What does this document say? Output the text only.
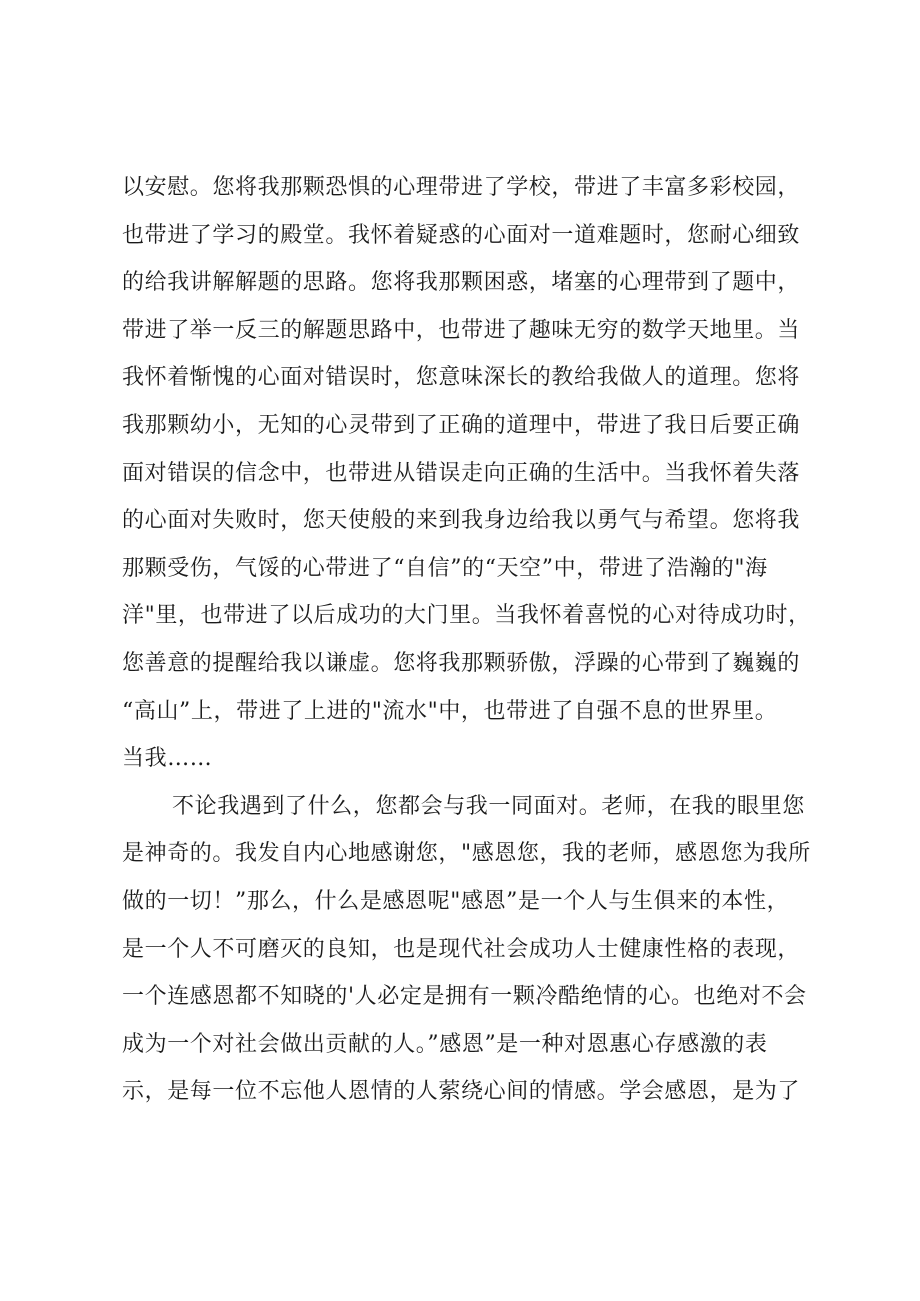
以安慰。您将我那颗恐惧的心理带进了学校，带进了丰富多彩校园，
也带进了学习的殿堂。我怀着疑惑的心面对一道难题时，您耐心细致
的给我讲解解题的思路。您将我那颗困惑，堵塞的心理带到了题中，
带进了举一反三的解题思路中，也带进了趣味无穷的数学天地里。当
我怀着惭愧的心面对错误时，您意味深长的教给我做人的道理。您将
我那颗幼小，无知的心灵带到了正确的道理中，带进了我日后要正确
面对错误的信念中，也带进从错误走向正确的生活中。当我怀着失落
的心面对失败时，您天使般的来到我身边给我以勇气与希望。您将我
那颗受伤，气馁的心带进了“自信”的“天空”中，带进了浩瀚的"海
洋"里，也带进了以后成功的大门里。当我怀着喜悦的心对待成功时，
您善意的提醒给我以谦虚。您将我那颗骄傲，浮躁的心带到了巍巍的
“高山”上，带进了上进的"流水"中，也带进了自强不息的世界里。
当我……
不论我遇到了什么，您都会与我一同面对。老师，在我的眼里您
是神奇的。我发自内心地感谢您，"感恩您，我的老师，感恩您为我所
做的一切！”那么，什么是感恩呢"感恩”是一个人与生俱来的本性，
是一个人不可磨灭的良知，也是现代社会成功人士健康性格的表现，
一个连感恩都不知晓的'人必定是拥有一颗冷酷绝情的心。也绝对不会
成为一个对社会做出贡献的人。”感恩”是一种对恩惠心存感激的表
示，是每一位不忘他人恩情的人萦绕心间的情感。学会感恩，是为了
